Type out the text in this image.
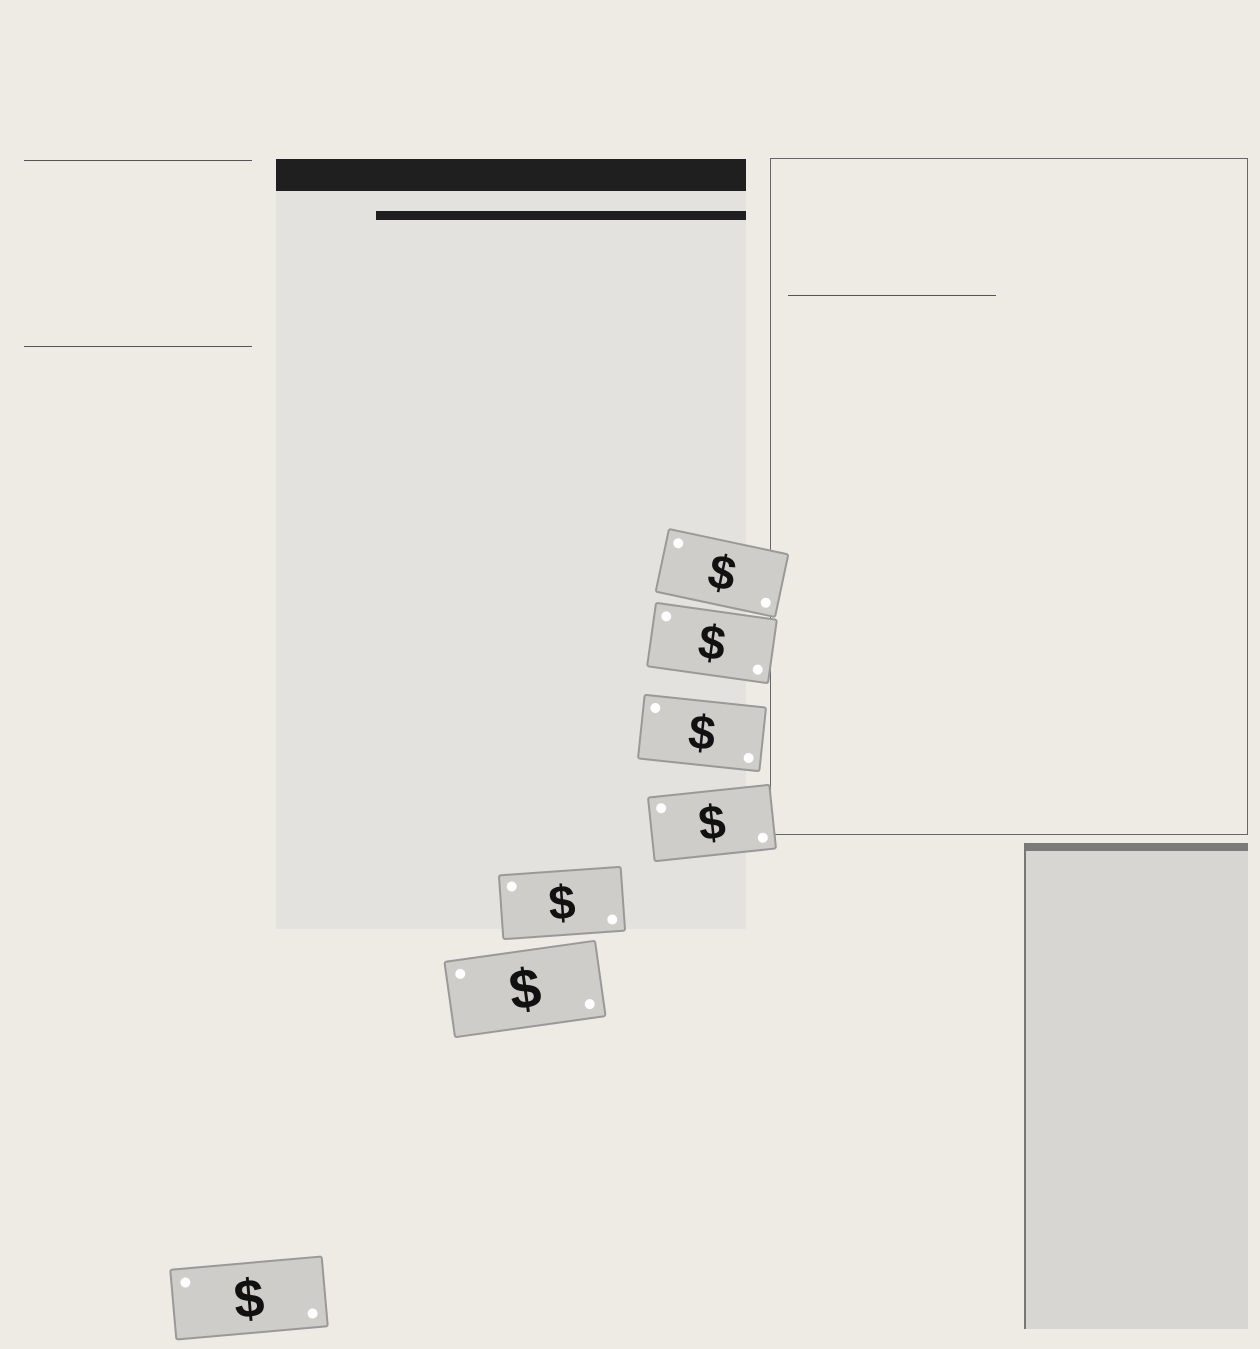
$
$
$
$
$
$
$
